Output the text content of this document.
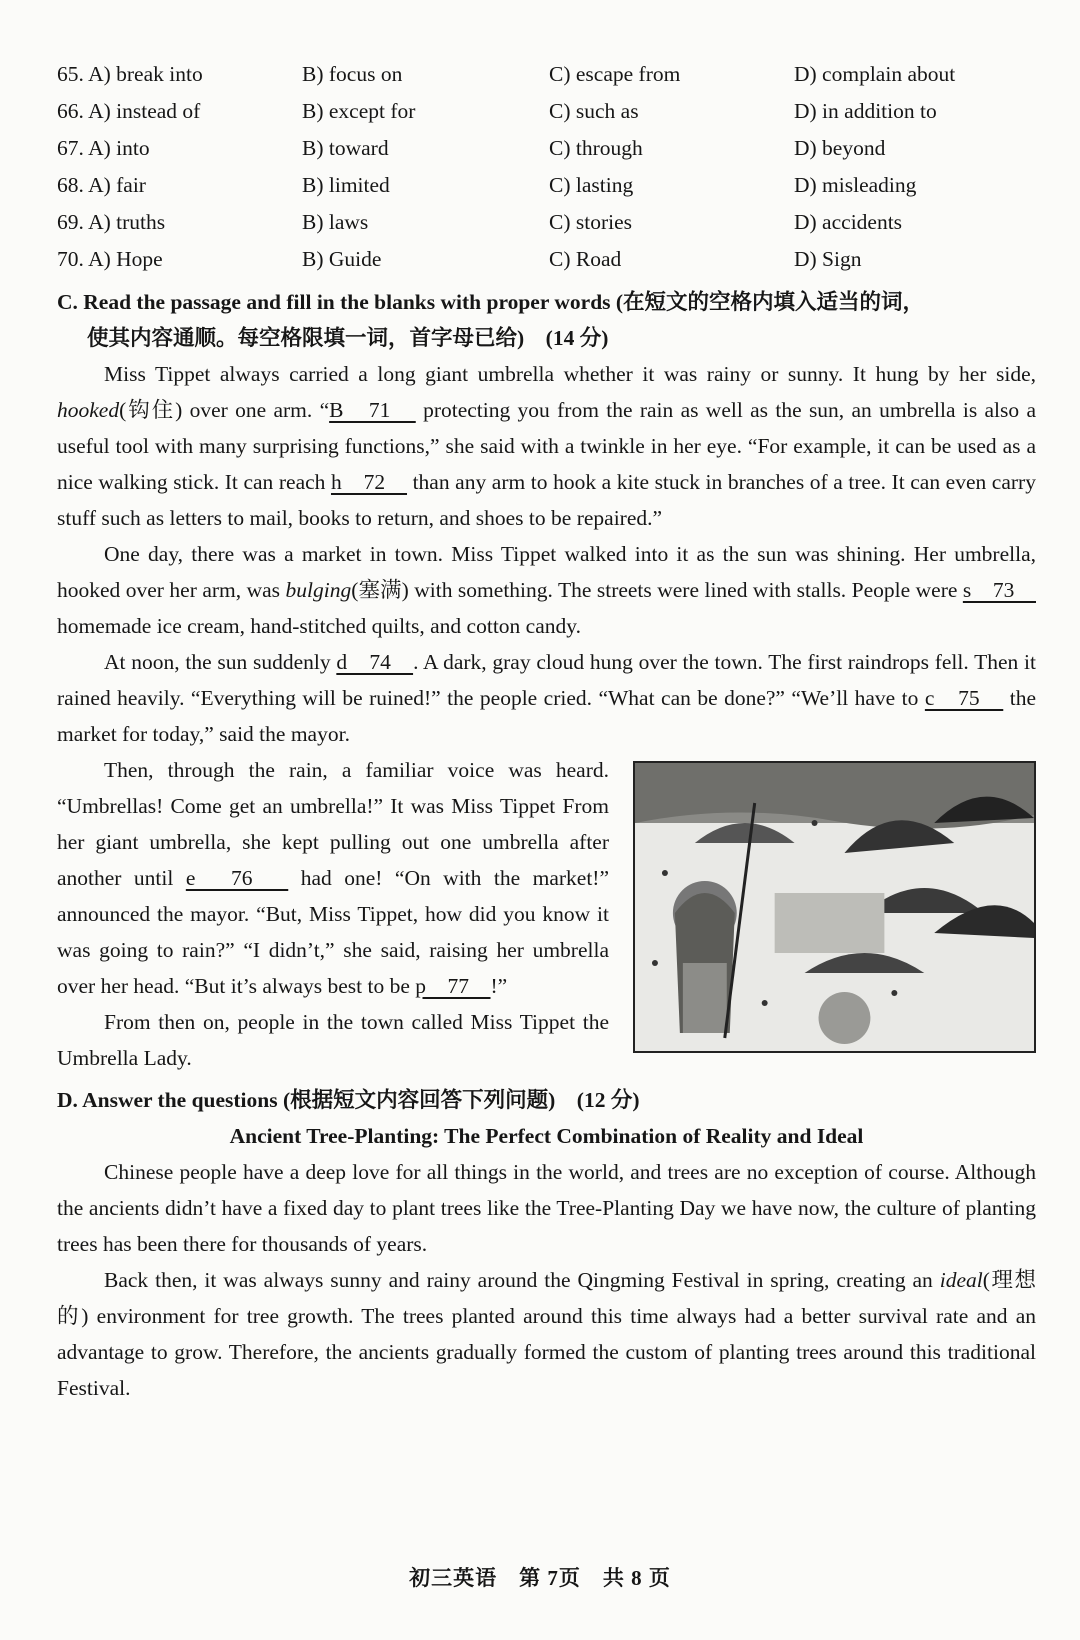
65. A) break into	B) focus on	C) escape from	D) complain about
66. A) instead of	B) except for	C) such as	D) in addition to
67. A) into	B) toward	C) through	D) beyond
68. A) fair	B) limited	C) lasting	D) misleading
69. A) truths	B) laws	C) stories	D) accidents
70. A) Hope	B) Guide	C) Road	D) Sign
C. Read the passage and fill in the blanks with proper words (在短文的空格内填入适当的词，
使其内容通顺。每空格限填一词，首字母已给)　(14 分)

Miss Tippet always carried a long giant umbrella whether it was rainy or sunny. It hung by her side, hooked(钩住) over one arm. “B　71　 protecting you from the rain as well as the sun, an umbrella is also a useful tool with many surprising functions,” she said with a twinkle in her eye. “For example, it can be used as a nice walking stick. It can reach h　72　 than any arm to hook a kite stuck in branches of a tree. It can even carry stuff such as letters to mail, books to return, and shoes to be repaired.”

One day, there was a market in town. Miss Tippet walked into it as the sun was shining. Her umbrella, hooked over her arm, was bulging(塞满) with something. The streets were lined with stalls. People were s　73　 homemade ice cream, hand-stitched quilts, and cotton candy.

At noon, the sun suddenly d　74　. A dark, gray cloud hung over the town. The first raindrops fell. Then it rained heavily. “Everything will be ruined!” the people cried. “What can be done?” “We’ll have to c　75　 the market for today,” said the mayor.

Then, through the rain, a familiar voice was heard. “Umbrellas! Come get an umbrella!” It was Miss Tippet From her giant umbrella, she kept pulling out one umbrella after another until e　76　 had one! “On with the market!” announced the mayor. “But, Miss Tippet, how did you know it was going to rain?” “I didn’t,” she said, raising her umbrella over her head. “But it’s always best to be p　77　!”

From then on, people in the town called Miss Tippet the Umbrella Lady.

D. Answer the questions (根据短文内容回答下列问题)　(12 分)

Ancient Tree-Planting: The Perfect Combination of Reality and Ideal

Chinese people have a deep love for all things in the world, and trees are no exception of course. Although the ancients didn’t have a fixed day to plant trees like the Tree-Planting Day we have now, the culture of planting trees has been there for thousands of years.

Back then, it was always sunny and rainy around the Qingming Festival in spring, creating an ideal(理想的) environment for tree growth. The trees planted around this time always had a better survival rate and an advantage to grow. Therefore, the ancients gradually formed the custom of planting trees around this traditional Festival.

初三英语　第 7页　共 8 页
